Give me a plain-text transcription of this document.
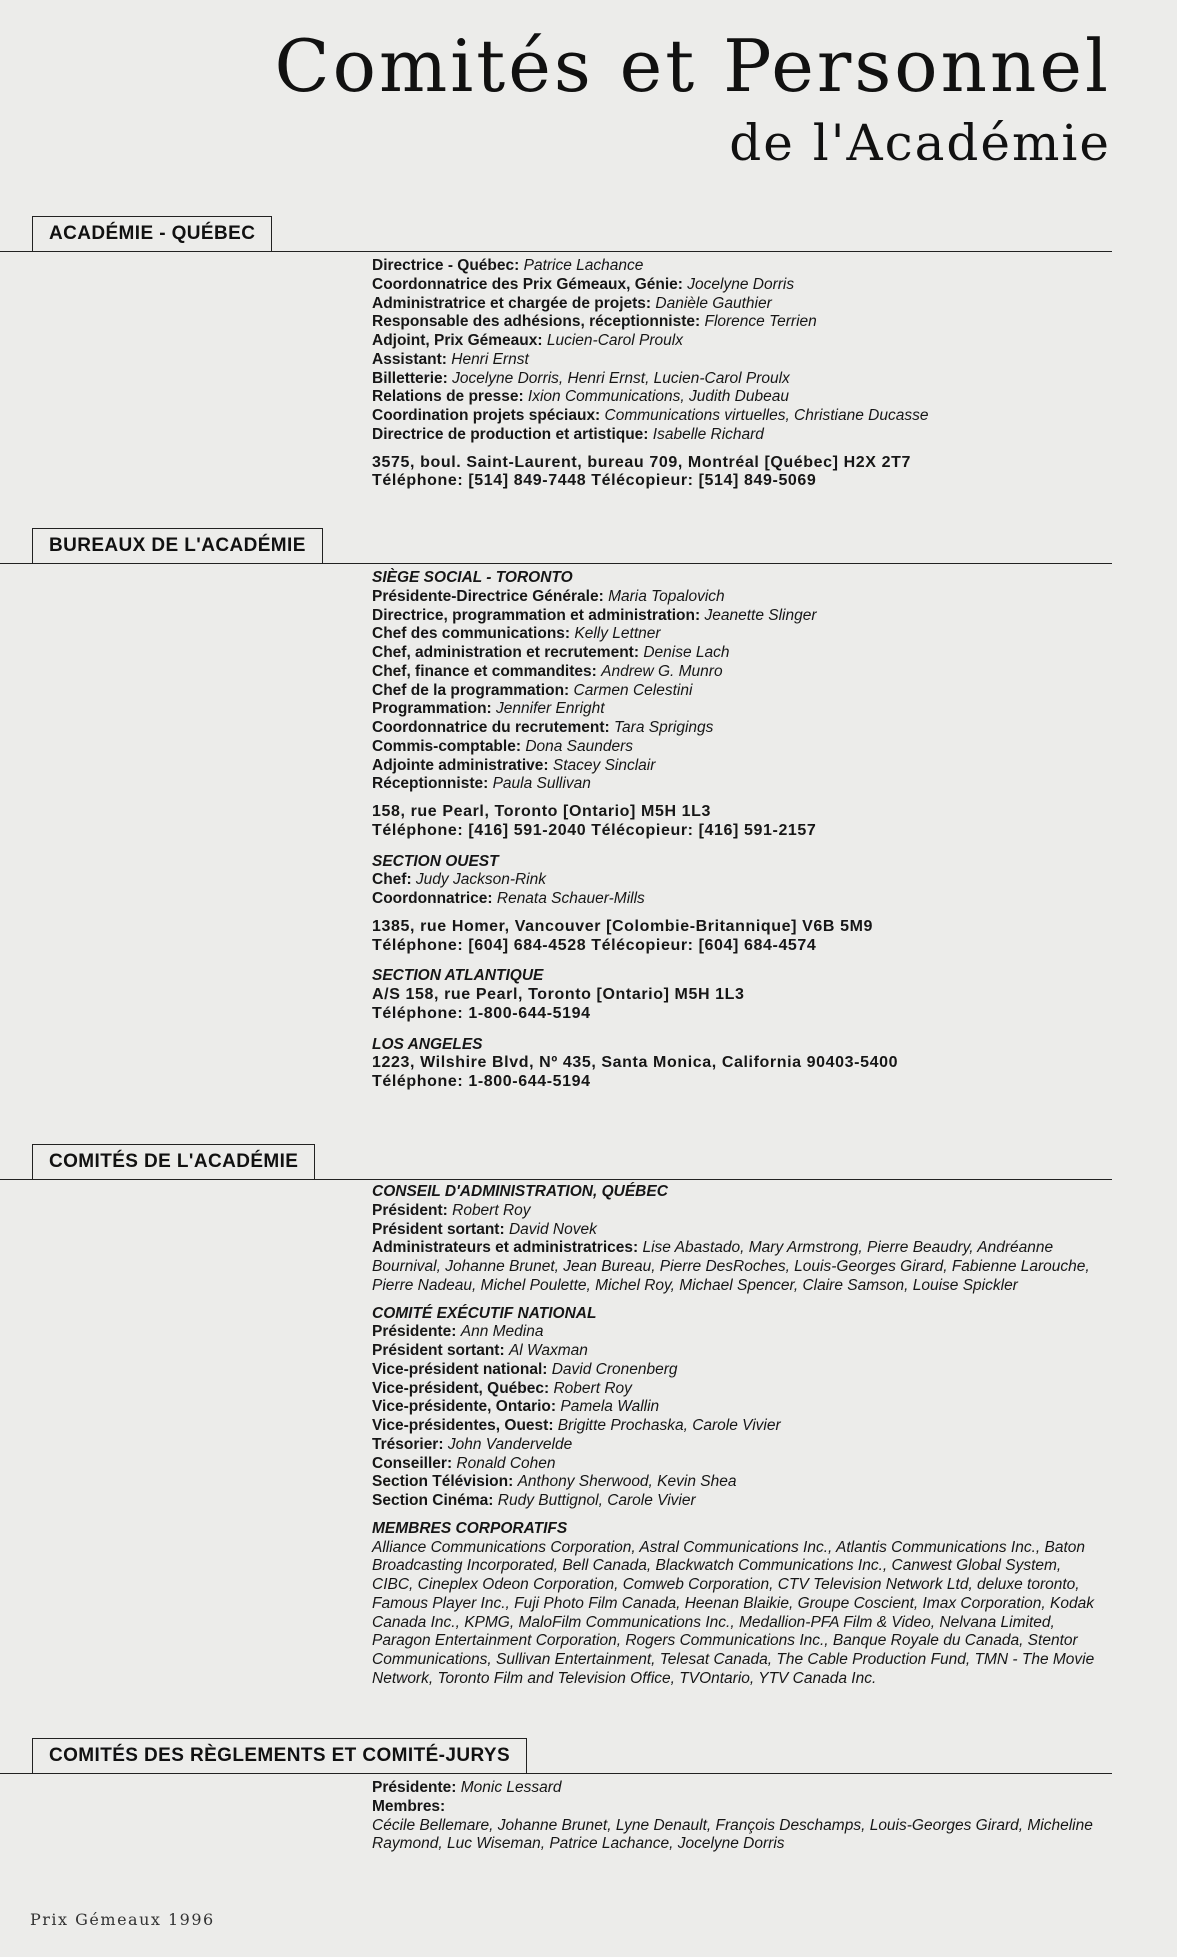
Comités et Personnel
de l'Académie
ACADÉMIE - QUÉBEC
Directrice - Québec: Patrice Lachance
Coordonnatrice des Prix Gémeaux, Génie: Jocelyne Dorris
Administratrice et chargée de projets: Danièle Gauthier
Responsable des adhésions, réceptionniste: Florence Terrien
Adjoint, Prix Gémeaux: Lucien-Carol Proulx
Assistant: Henri Ernst
Billetterie: Jocelyne Dorris, Henri Ernst, Lucien-Carol Proulx
Relations de presse: Ixion Communications, Judith Dubeau
Coordination projets spéciaux: Communications virtuelles, Christiane Ducasse
Directrice de production et artistique: Isabelle Richard
3575, boul. Saint-Laurent, bureau 709, Montréal [Québec] H2X 2T7
Téléphone: [514] 849-7448 Télécopieur: [514] 849-5069
BUREAUX DE L'ACADÉMIE
SIÈGE SOCIAL - TORONTO
Présidente-Directrice Générale: Maria Topalovich
Directrice, programmation et administration: Jeanette Slinger
Chef des communications: Kelly Lettner
Chef, administration et recrutement: Denise Lach
Chef, finance et commandites: Andrew G. Munro
Chef de la programmation: Carmen Celestini
Programmation: Jennifer Enright
Coordonnatrice du recrutement: Tara Sprigings
Commis-comptable: Dona Saunders
Adjointe administrative: Stacey Sinclair
Réceptionniste: Paula Sullivan
158, rue Pearl, Toronto [Ontario] M5H 1L3
Téléphone: [416] 591-2040 Télécopieur: [416] 591-2157
SECTION OUEST
Chef: Judy Jackson-Rink
Coordonnatrice: Renata Schauer-Mills
1385, rue Homer, Vancouver [Colombie-Britannique] V6B 5M9
Téléphone: [604] 684-4528 Télécopieur: [604] 684-4574
SECTION ATLANTIQUE
A/S 158, rue Pearl, Toronto [Ontario] M5H 1L3
Téléphone: 1-800-644-5194
LOS ANGELES
1223, Wilshire Blvd, Nº 435, Santa Monica, California 90403-5400
Téléphone: 1-800-644-5194
COMITÉS DE L'ACADÉMIE
CONSEIL D'ADMINISTRATION, QUÉBEC
Président: Robert Roy
Président sortant: David Novek
Administrateurs et administratrices: Lise Abastado, Mary Armstrong, Pierre Beaudry, Andréanne Bournival, Johanne Brunet, Jean Bureau, Pierre DesRoches, Louis-Georges Girard, Fabienne Larouche, Pierre Nadeau, Michel Poulette, Michel Roy, Michael Spencer, Claire Samson, Louise Spickler
COMITÉ EXÉCUTIF NATIONAL
Présidente: Ann Medina
Président sortant: Al Waxman
Vice-président national: David Cronenberg
Vice-président, Québec: Robert Roy
Vice-présidente, Ontario: Pamela Wallin
Vice-présidentes, Ouest: Brigitte Prochaska, Carole Vivier
Trésorier: John Vandervelde
Conseiller: Ronald Cohen
Section Télévision: Anthony Sherwood, Kevin Shea
Section Cinéma: Rudy Buttignol, Carole Vivier
MEMBRES CORPORATIFS
Alliance Communications Corporation, Astral Communications Inc., Atlantis Communications Inc., Baton Broadcasting Incorporated, Bell Canada, Blackwatch Communications Inc., Canwest Global System, CIBC, Cineplex Odeon Corporation, Comweb Corporation, CTV Television Network Ltd, deluxe toronto, Famous Player Inc., Fuji Photo Film Canada, Heenan Blaikie, Groupe Coscient, Imax Corporation, Kodak Canada Inc., KPMG, MaloFilm Communications Inc., Medallion-PFA Film & Video, Nelvana Limited, Paragon Entertainment Corporation, Rogers Communications Inc., Banque Royale du Canada, Stentor Communications, Sullivan Entertainment, Telesat Canada, The Cable Production Fund, TMN - The Movie Network, Toronto Film and Television Office, TVOntario, YTV Canada Inc.
COMITÉS DES RÈGLEMENTS ET COMITÉ-JURYS
Présidente: Monic Lessard
Membres:
Cécile Bellemare, Johanne Brunet, Lyne Denault, François Deschamps, Louis-Georges Girard, Micheline Raymond, Luc Wiseman, Patrice Lachance, Jocelyne Dorris
Prix Gémeaux 1996
